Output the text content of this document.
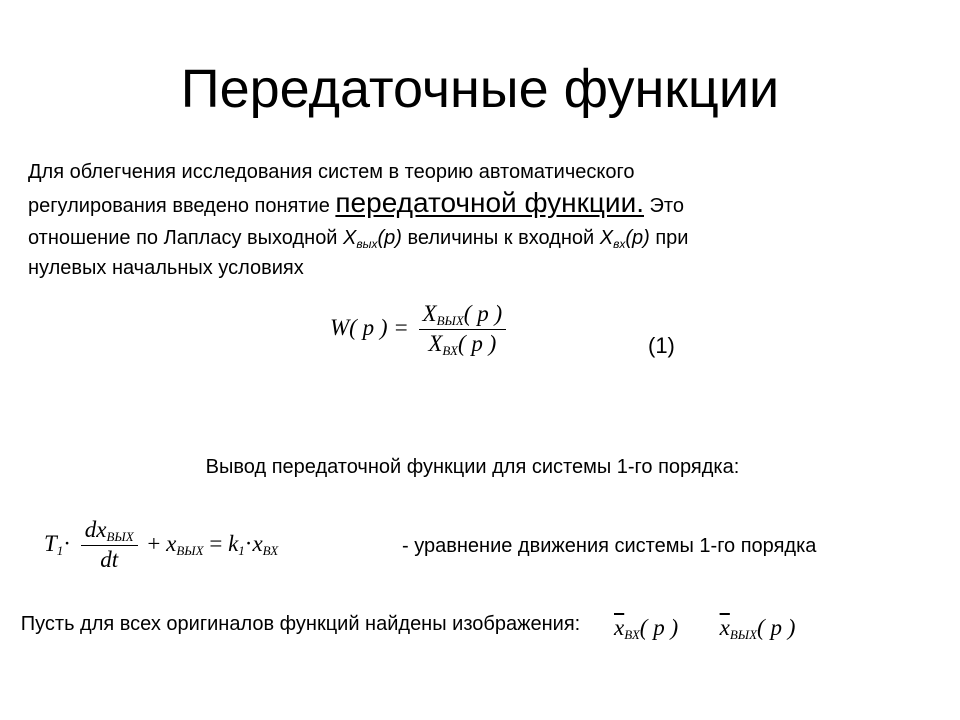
Передаточные функции
Для облегчения исследования систем в теорию автоматического
регулирования введено понятие передаточной функции. Это
отношение по Лапласу выходной $X_{вых}(p)$ величины к входной $X_{вх}(p)$ при
нулевых начальных условиях
W( p ) = $\frac{\text{XВЫХ( p )}}{\text{XВХ( p )}}$	(1)
Вывод передаточной функции для системы 1-го порядка:
$T1\cdot \frac{\text{dxВЫХ}}{dt}$ + xВЫХ = k1·xВХ	- уравнение движения системы 1-го порядка
Пусть для всех оригиналов функций найдены изображения: $\overline{x}ВХ$( p ) $\overline{x}ВЫХ$( p )
